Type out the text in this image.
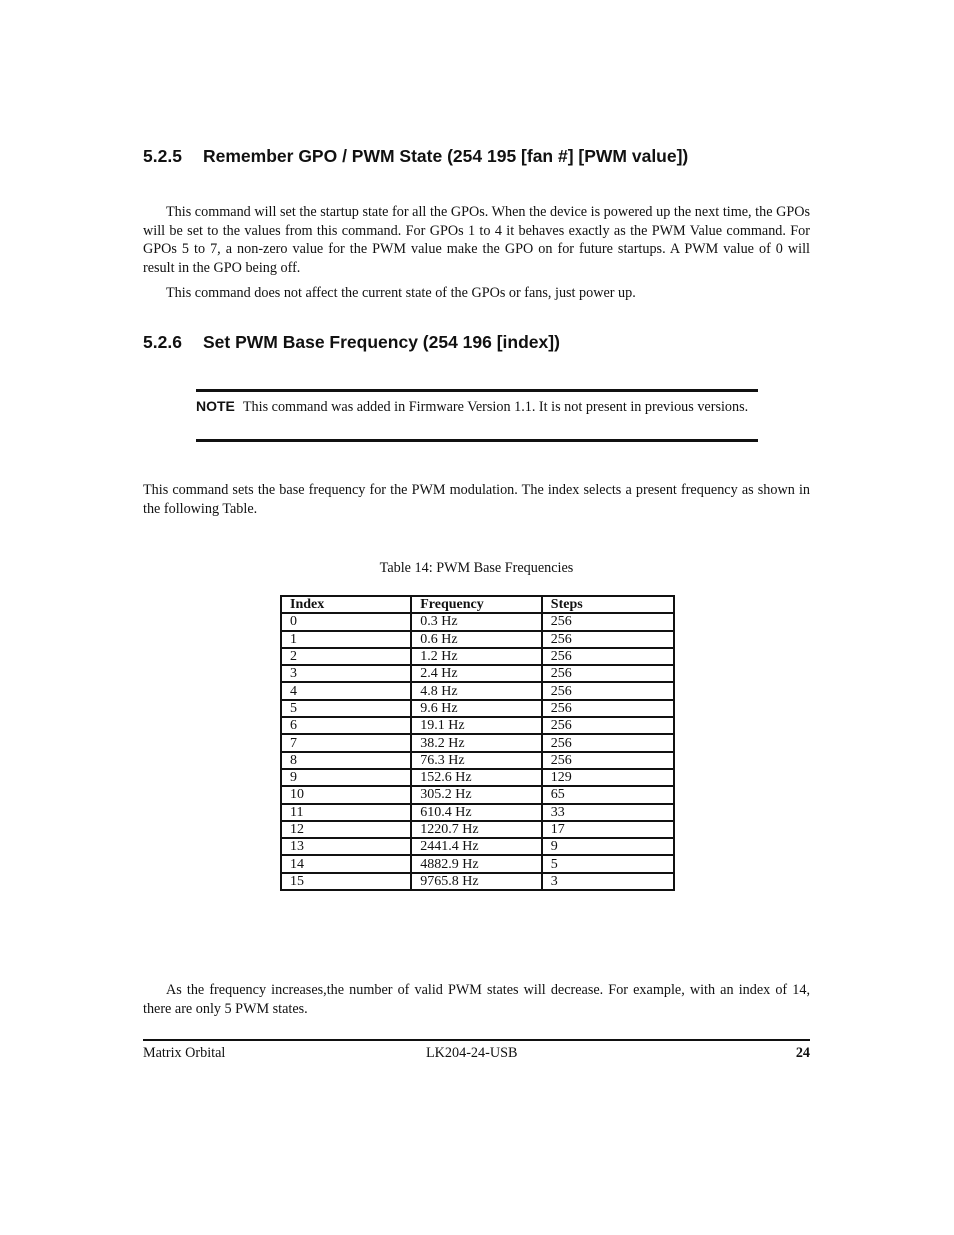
5.2.5 Remember GPO / PWM State (254 195 [fan #] [PWM value])

This command will set the startup state for all the GPOs. When the device is powered up the next time, the GPOs will be set to the values from this command. For GPOs 1 to 4 it behaves exactly as the PWM Value command. For GPOs 5 to 7, a non-zero value for the PWM value make the GPO on for future startups. A PWM value of 0 will result in the GPO being off.

This command does not affect the current state of the GPOs or fans, just power up.

5.2.6 Set PWM Base Frequency (254 196 [index])
NOTE This command was added in Firmware Version 1.1. It is not present in previous versions.

This command sets the base frequency for the PWM modulation. The index selects a present frequency as shown in the following Table.

Table 14: PWM Base Frequencies
Index	Frequency	Steps
0	0.3 Hz	256
1	0.6 Hz	256
2	1.2 Hz	256
3	2.4 Hz	256
4	4.8 Hz	256
5	9.6 Hz	256
6	19.1 Hz	256
7	38.2 Hz	256
8	76.3 Hz	256
9	152.6 Hz	129
10	305.2 Hz	65
11	610.4 Hz	33
12	1220.7 Hz	17
13	2441.4 Hz	9
14	4882.9 Hz	5
15	9765.8 Hz	3

As the frequency increases,the number of valid PWM states will decrease. For example, with an index of 14, there are only 5 PWM states.

Matrix Orbital	LK204-24-USB	24
